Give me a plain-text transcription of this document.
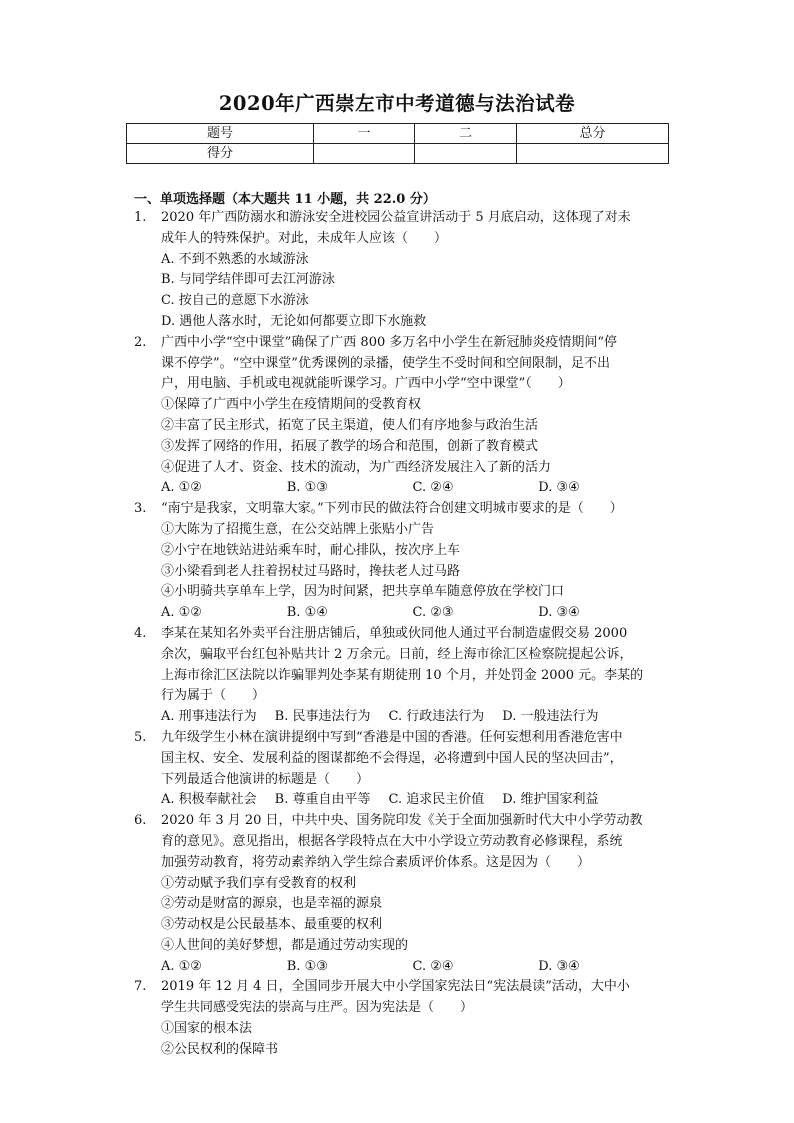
2020年广西崇左市中考道德与法治试卷
题号	一	二	总分
得分			
一、单项选择题（本大题共 11 小题，共 22.0 分）
1. 2020 年广西防溺水和游泳安全进校园公益宣讲活动于 5 月底启动，这体现了对未
成年人的特殊保护。对此，未成年人应该（　　）
A. 不到不熟悉的水域游泳
B. 与同学结伴即可去江河游泳
C. 按自己的意愿下水游泳
D. 遇他人落水时，无论如何都要立即下水施救
2. 广西中小学“空中课堂”确保了广西 800 多万名中小学生在新冠肺炎疫情期间“停
课不停学”。“空中课堂”优秀课例的录播，使学生不受时间和空间限制，足不出
户，用电脑、手机或电视就能听课学习。广西中小学“空中课堂”（　　）
①保障了广西中小学生在疫情期间的受教育权
②丰富了民主形式，拓宽了民主渠道，使人们有序地参与政治生活
③发挥了网络的作用，拓展了教学的场合和范围，创新了教育模式
④促进了人才、资金、技术的流动，为广西经济发展注入了新的活力
A. ①②	B. ①③	C. ②④	D. ③④
3. “南宁是我家，文明靠大家。”下列市民的做法符合创建文明城市要求的是（　　）
①大陈为了招揽生意，在公交站牌上张贴小广告
②小宁在地铁站进站乘车时，耐心排队，按次序上车
③小梁看到老人拄着拐杖过马路时，搀扶老人过马路
④小明骑共享单车上学，因为时间紧，把共享单车随意停放在学校门口
A. ①②	B. ①④	C. ②③	D. ③④
4. 李某在某知名外卖平台注册店铺后，单独或伙同他人通过平台制造虚假交易 2000
余次，骗取平台红包补贴共计 2 万余元。日前，经上海市徐汇区检察院提起公诉，
上海市徐汇区法院以诈骗罪判处李某有期徒刑 10 个月，并处罚金 2000 元。李某的
行为属于（　　）
A. 刑事违法行为 B. 民事违法行为 C. 行政违法行为 D. 一般违法行为
5. 九年级学生小林在演讲提纲中写到“香港是中国的香港。任何妄想利用香港危害中
国主权、安全、发展利益的图谋都绝不会得逞，必将遭到中国人民的坚决回击”，
下列最适合他演讲的标题是（　　）
A. 积极奉献社会 B. 尊重自由平等 C. 追求民主价值 D. 维护国家利益
6. 2020 年 3 月 20 日，中共中央、国务院印发《关于全面加强新时代大中小学劳动教
育的意见》。意见指出，根据各学段特点在大中小学设立劳动教育必修课程，系统
加强劳动教育，将劳动素养纳入学生综合素质评价体系。这是因为（　　）
①劳动赋予我们享有受教育的权利
②劳动是财富的源泉，也是幸福的源泉
③劳动权是公民最基本、最重要的权利
④人世间的美好梦想，都是通过劳动实现的
A. ①②	B. ①③	C. ②④	D. ③④
7. 2019 年 12 月 4 日，全国同步开展大中小学国家宪法日“宪法晨读”活动，大中小
学生共同感受宪法的崇高与庄严。因为宪法是（　　）
①国家的根本法
②公民权利的保障书
